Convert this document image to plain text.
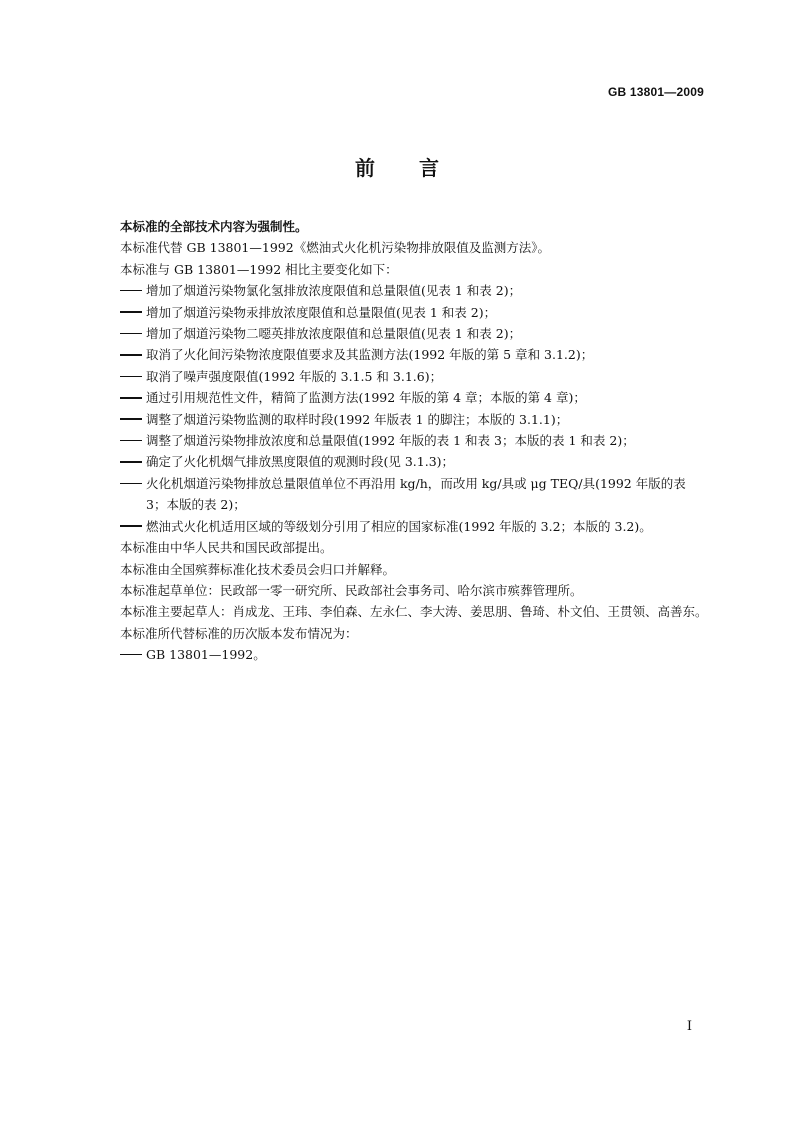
GB 13801—2009
前言
本标准的全部技术内容为强制性。
本标准代替 GB 13801—1992《燃油式火化机污染物排放限值及监测方法》。
本标准与 GB 13801—1992 相比主要变化如下：
增加了烟道污染物氯化氢排放浓度限值和总量限值(见表 1 和表 2)；
增加了烟道污染物汞排放浓度限值和总量限值(见表 1 和表 2)；
增加了烟道污染物二噁英排放浓度限值和总量限值(见表 1 和表 2)；
取消了火化间污染物浓度限值要求及其监测方法(1992 年版的第 5 章和 3.1.2)；
取消了噪声强度限值(1992 年版的 3.1.5 和 3.1.6)；
通过引用规范性文件，精简了监测方法(1992 年版的第 4 章；本版的第 4 章)；
调整了烟道污染物监测的取样时段(1992 年版表 1 的脚注；本版的 3.1.1)；
调整了烟道污染物排放浓度和总量限值(1992 年版的表 1 和表 3；本版的表 1 和表 2)；
确定了火化机烟气排放黑度限值的观测时段(见 3.1.3)；
火化机烟道污染物排放总量限值单位不再沿用 kg/h，而改用 kg/具或 μg TEQ/具(1992 年版的表 3；本版的表 2)；
燃油式火化机适用区域的等级划分引用了相应的国家标准(1992 年版的 3.2；本版的 3.2)。
本标准由中华人民共和国民政部提出。
本标准由全国殡葬标准化技术委员会归口并解释。
本标准起草单位：民政部一零一研究所、民政部社会事务司、哈尔滨市殡葬管理所。
本标准主要起草人：肖成龙、王玮、李伯森、左永仁、李大涛、姜思朋、鲁琦、朴文伯、王贯领、高善东。
本标准所代替标准的历次版本发布情况为：
GB 13801—1992。
I
